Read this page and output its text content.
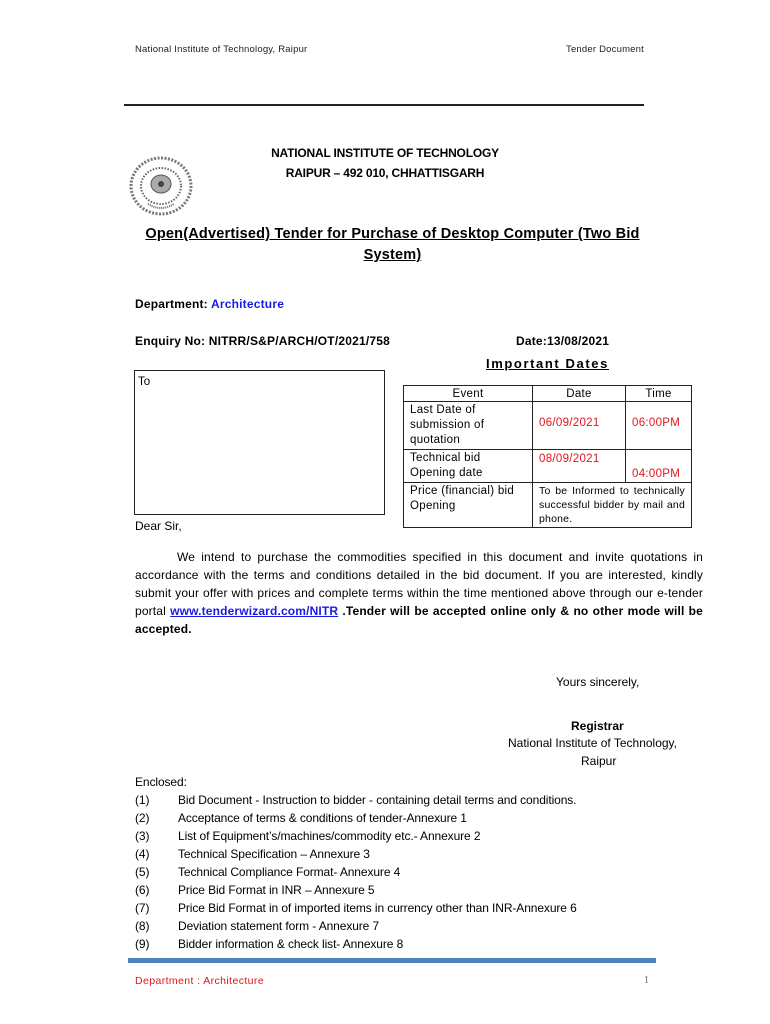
National Institute of Technology, Raipur	Tender Document
NATIONAL INSTITUTE OF TECHNOLOGY
RAIPUR – 492 010, CHHATTISGARH
Open(Advertised) Tender for Purchase of Desktop Computer (Two Bid System)
Department: Architecture
Enquiry No: NITRR/S&P/ARCH/OT/2021/758	Date:13/08/2021
To
Important Dates
Event	Date	Time
Last Date of submission of quotation	06/09/2021	06:00PM
Technical bid Opening date	08/09/2021	04:00PM
Price (financial) bid Opening	To be Informed to technically successful bidder by mail and phone.	
Dear Sir,
We intend to purchase the commodities specified in this document and invite quotations in accordance with the terms and conditions detailed in the bid document. If you are interested, kindly submit your offer with prices and complete terms within the time mentioned above through our e-tender portal www.tenderwizard.com/NITR .Tender will be accepted online only & no other mode will be accepted.
Yours sincerely,
Registrar
National Institute of Technology,
Raipur
Enclosed:
(1) Bid Document - Instruction to bidder - containing detail terms and conditions.
(2) Acceptance of terms & conditions of tender-Annexure 1
(3) List of Equipment’s/machines/commodity etc.- Annexure 2
(4) Technical Specification – Annexure 3
(5) Technical Compliance Format- Annexure 4
(6) Price Bid Format in INR – Annexure 5
(7) Price Bid Format in of imported items in currency other than INR-Annexure 6
(8) Deviation statement form - Annexure 7
(9) Bidder information & check list- Annexure 8
Department : Architecture	1
